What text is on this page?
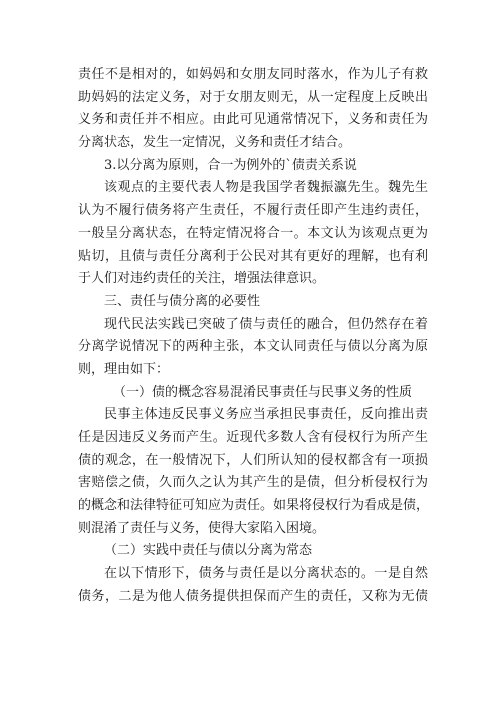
责任不是相对的，如妈妈和女朋友同时落水，作为儿子有救
助妈妈的法定义务，对于女朋友则无，从一定程度上反映出
义务和责任并不相应。由此可见通常情况下，义务和责任为
分离状态，发生一定情况，义务和责任才结合。
3.以分离为原则，合一为例外的`债责关系说
该观点的主要代表人物是我国学者魏振瀛先生。魏先生
认为不履行债务将产生责任，不履行责任即产生违约责任，
一般呈分离状态，在特定情况将合一。本文认为该观点更为
贴切，且债与责任分离利于公民对其有更好的理解，也有利
于人们对违约责任的关注，增强法律意识。
三、责任与债分离的必要性
现代民法实践已突破了债与责任的融合，但仍然存在着
分离学说情况下的两种主张，本文认同责任与债以分离为原
则，理由如下：
（一）债的概念容易混淆民事责任与民事义务的性质
民事主体违反民事义务应当承担民事责任，反向推出责
任是因违反义务而产生。近现代多数人含有侵权行为所产生
债的观念，在一般情况下，人们所认知的侵权都含有一项损
害赔偿之债，久而久之认为其产生的是债，但分析侵权行为
的概念和法律特征可知应为责任。如果将侵权行为看成是债，
则混淆了责任与义务，使得大家陷入困境。
（二）实践中责任与债以分离为常态
在以下情形下，债务与责任是以分离状态的。一是自然
债务，二是为他人债务提供担保而产生的责任，又称为无债
